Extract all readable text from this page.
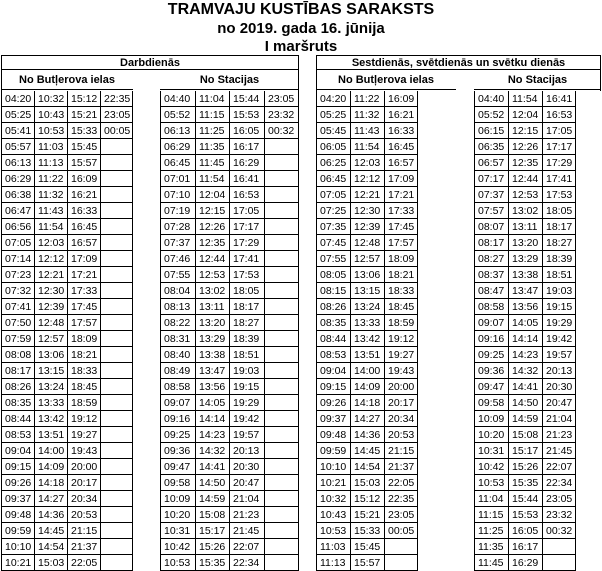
TRAMVAJU KUSTĪBAS SARAKSTS
no 2019. gada 16. jūnija
I maršruts
Darbdienās
No Butļerova ielas	No Stacijas
04:20
05:25
05:41
05:57
06:13
06:29
06:38
06:47
06:56
07:05
07:14
07:23
07:32
07:41
07:50
07:59
08:08
08:17
08:26
08:35
08:44
08:53
09:04
09:15
09:26
09:37
09:48
09:59
10:10
10:21
10:32
10:43
10:53
11:03
11:13
11:22
11:32
11:43
11:54
12:03
12:12
12:21
12:30
12:39
12:48
12:57
13:06
13:15
13:24
13:33
13:42
13:51
14:00
14:09
14:18
14:27
14:36
14:45
14:54
15:03
15:12
15:21
15:33
15:45
15:57
16:09
16:21
16:33
16:45
16:57
17:09
17:21
17:33
17:45
17:57
18:09
18:21
18:33
18:45
18:59
19:12
19:27
19:43
20:00
20:17
20:34
20:53
21:15
21:37
22:05
22:35
23:05
00:05
04:40
05:52
06:13
06:29
06:45
07:01
07:10
07:19
07:28
07:37
07:46
07:55
08:04
08:13
08:22
08:31
08:40
08:49
08:58
09:07
09:16
09:25
09:36
09:47
09:58
10:09
10:20
10:31
10:42
10:53
11:04
11:15
11:25
11:35
11:45
11:54
12:04
12:15
12:26
12:35
12:44
12:53
13:02
13:11
13:20
13:29
13:38
13:47
13:56
14:05
14:14
14:23
14:32
14:41
14:50
14:59
15:08
15:17
15:26
15:35
15:44
15:53
16:05
16:17
16:29
16:41
16:53
17:05
17:17
17:29
17:41
17:53
18:05
18:17
18:27
18:39
18:51
19:03
19:15
19:29
19:42
19:57
20:13
20:30
20:47
21:04
21:23
21:45
22:07
22:34
23:05
23:32
00:32
Sestdienās, svētdienās un svētku dienās
No Butļerova ielas	No Stacijas
04:20
05:25
05:45
06:05
06:25
06:45
07:05
07:25
07:35
07:45
07:55
08:05
08:15
08:26
08:35
08:44
08:53
09:04
09:15
09:26
09:37
09:48
09:59
10:10
10:21
10:32
10:43
10:53
11:03
11:13
11:22
11:32
11:43
11:54
12:03
12:12
12:21
12:30
12:39
12:48
12:57
13:06
13:15
13:24
13:33
13:42
13:51
14:00
14:09
14:18
14:27
14:36
14:45
14:54
15:03
15:12
15:21
15:33
15:45
15:57
16:09
16:21
16:33
16:45
16:57
17:09
17:21
17:33
17:45
17:57
18:09
18:21
18:33
18:45
18:59
19:12
19:27
19:43
20:00
20:17
20:34
20:53
21:15
21:37
22:05
22:35
23:05
00:05
04:40
05:52
06:15
06:35
06:57
07:17
07:37
07:57
08:07
08:17
08:27
08:37
08:47
08:58
09:07
09:16
09:25
09:36
09:47
09:58
10:09
10:20
10:31
10:42
10:53
11:04
11:15
11:25
11:35
11:45
11:54
12:04
12:15
12:26
12:35
12:44
12:53
13:02
13:11
13:20
13:29
13:38
13:47
13:56
14:05
14:14
14:23
14:32
14:41
14:50
14:59
15:08
15:17
15:26
15:35
15:44
15:53
16:05
16:17
16:29
16:41
16:53
17:05
17:17
17:29
17:41
17:53
18:05
18:17
18:27
18:39
18:51
19:03
19:15
19:29
19:42
19:57
20:13
20:30
20:47
21:04
21:23
21:45
22:07
22:34
23:05
23:32
00:32
